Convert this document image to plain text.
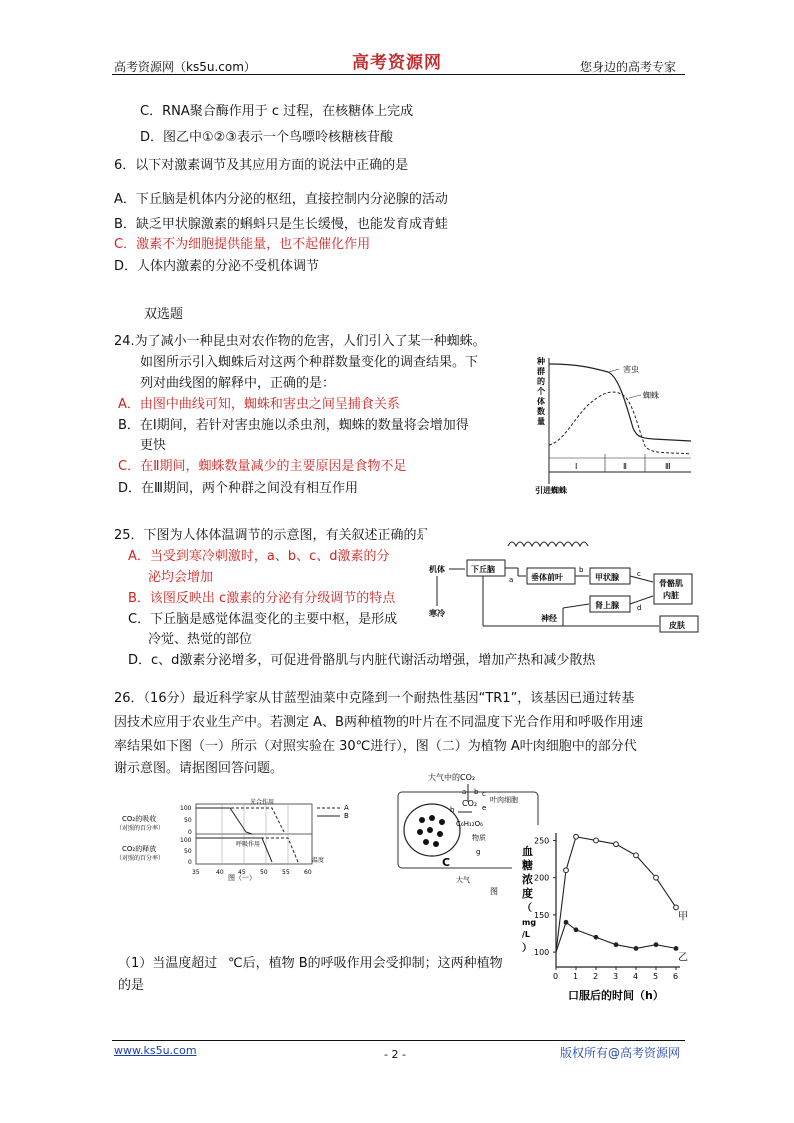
高考资源网（ks5u.com）	高考资源网	您身边的高考专家
C．RNA聚合酶作用于 c 过程，在核糖体上完成
D．图乙中①②③表示一个鸟嘌呤核糖核苷酸
6．以下对激素调节及其应用方面的说法中正确的是
A．下丘脑是机体内分泌的枢纽，直接控制内分泌腺的活动
B．缺乏甲状腺激素的蝌蚪只是生长缓慢，也能发育成青蛙
C．激素不为细胞提供能量，也不起催化作用
D．人体内激素的分泌不受机体调节
双选题
24.为了减小一种昆虫对农作物的危害，人们引入了某一种蜘蛛。
如图所示引入蜘蛛后对这两个种群数量变化的调查结果。下
列对曲线图的解释中，正确的是：
A．由图中曲线可知，蜘蛛和害虫之间呈捕食关系
B．在Ⅰ期间，若针对害虫施以杀虫剂，蜘蛛的数量将会增加得
更快
C．在Ⅱ期间，蜘蛛数量减少的主要原因是食物不足
D．在Ⅲ期间，两个种群之间没有相互作用
种
群
的
个
体
数
量
害虫
蜘蛛
Ⅰ	Ⅱ	Ⅲ
引进蜘蛛
25．下图为人体体温调节的示意图，有关叙述正确的是：
A．当受到寒冷刺激时，a、b、c、d激素的分
泌均会增加
B．该图反映出 c激素的分泌有分级调节的特点
C．下丘脑是感觉体温变化的主要中枢，是形成
冷觉、热觉的部位
D．c、d激素分泌增多，可促进骨骼肌与内脏代谢活动增强，增加产热和减少散热
机体
寒冷
下丘脑
a 垂体前叶
b
甲状腺
肾上腺
c
d
骨骼肌
内脏
皮肤
神经
26．（16分）最近科学家从甘蓝型油菜中克隆到一个耐热性基因“TR1”，该基因已通过转基
因技术应用于农业生产中。若测定 A、B两种植物的叶片在不同温度下光合作用和呼吸作用速
率结果如下图（一）所示（对照实验在 30℃进行），图（二）为植物 A叶肉细胞中的部分代
谢示意图。请据图回答问题。
CO₂的吸收
（对照的百分率）
CO₂的释放
（对照的百分率）
100
50
0
100
50
0
光合作用
呼吸作用
温度
A
B
35	40 45 50 55 60
图（一）
大气中的CO₂
a b
叶肉细胞
C
CO₂
c
e
h
C₆H₁₂O₆
物质
g
大气
图
血
糖
浓
度
（
mg
/L
）
250
200
150
100
0 1 2 3 4 5 6
甲
乙
口服后的时间（h）
（1）当温度超过 ℃后，植物 B的呼吸作用会受抑制；这两种植物
的是
www.ks5u.com	- 2 -	版权所有@高考资源网
